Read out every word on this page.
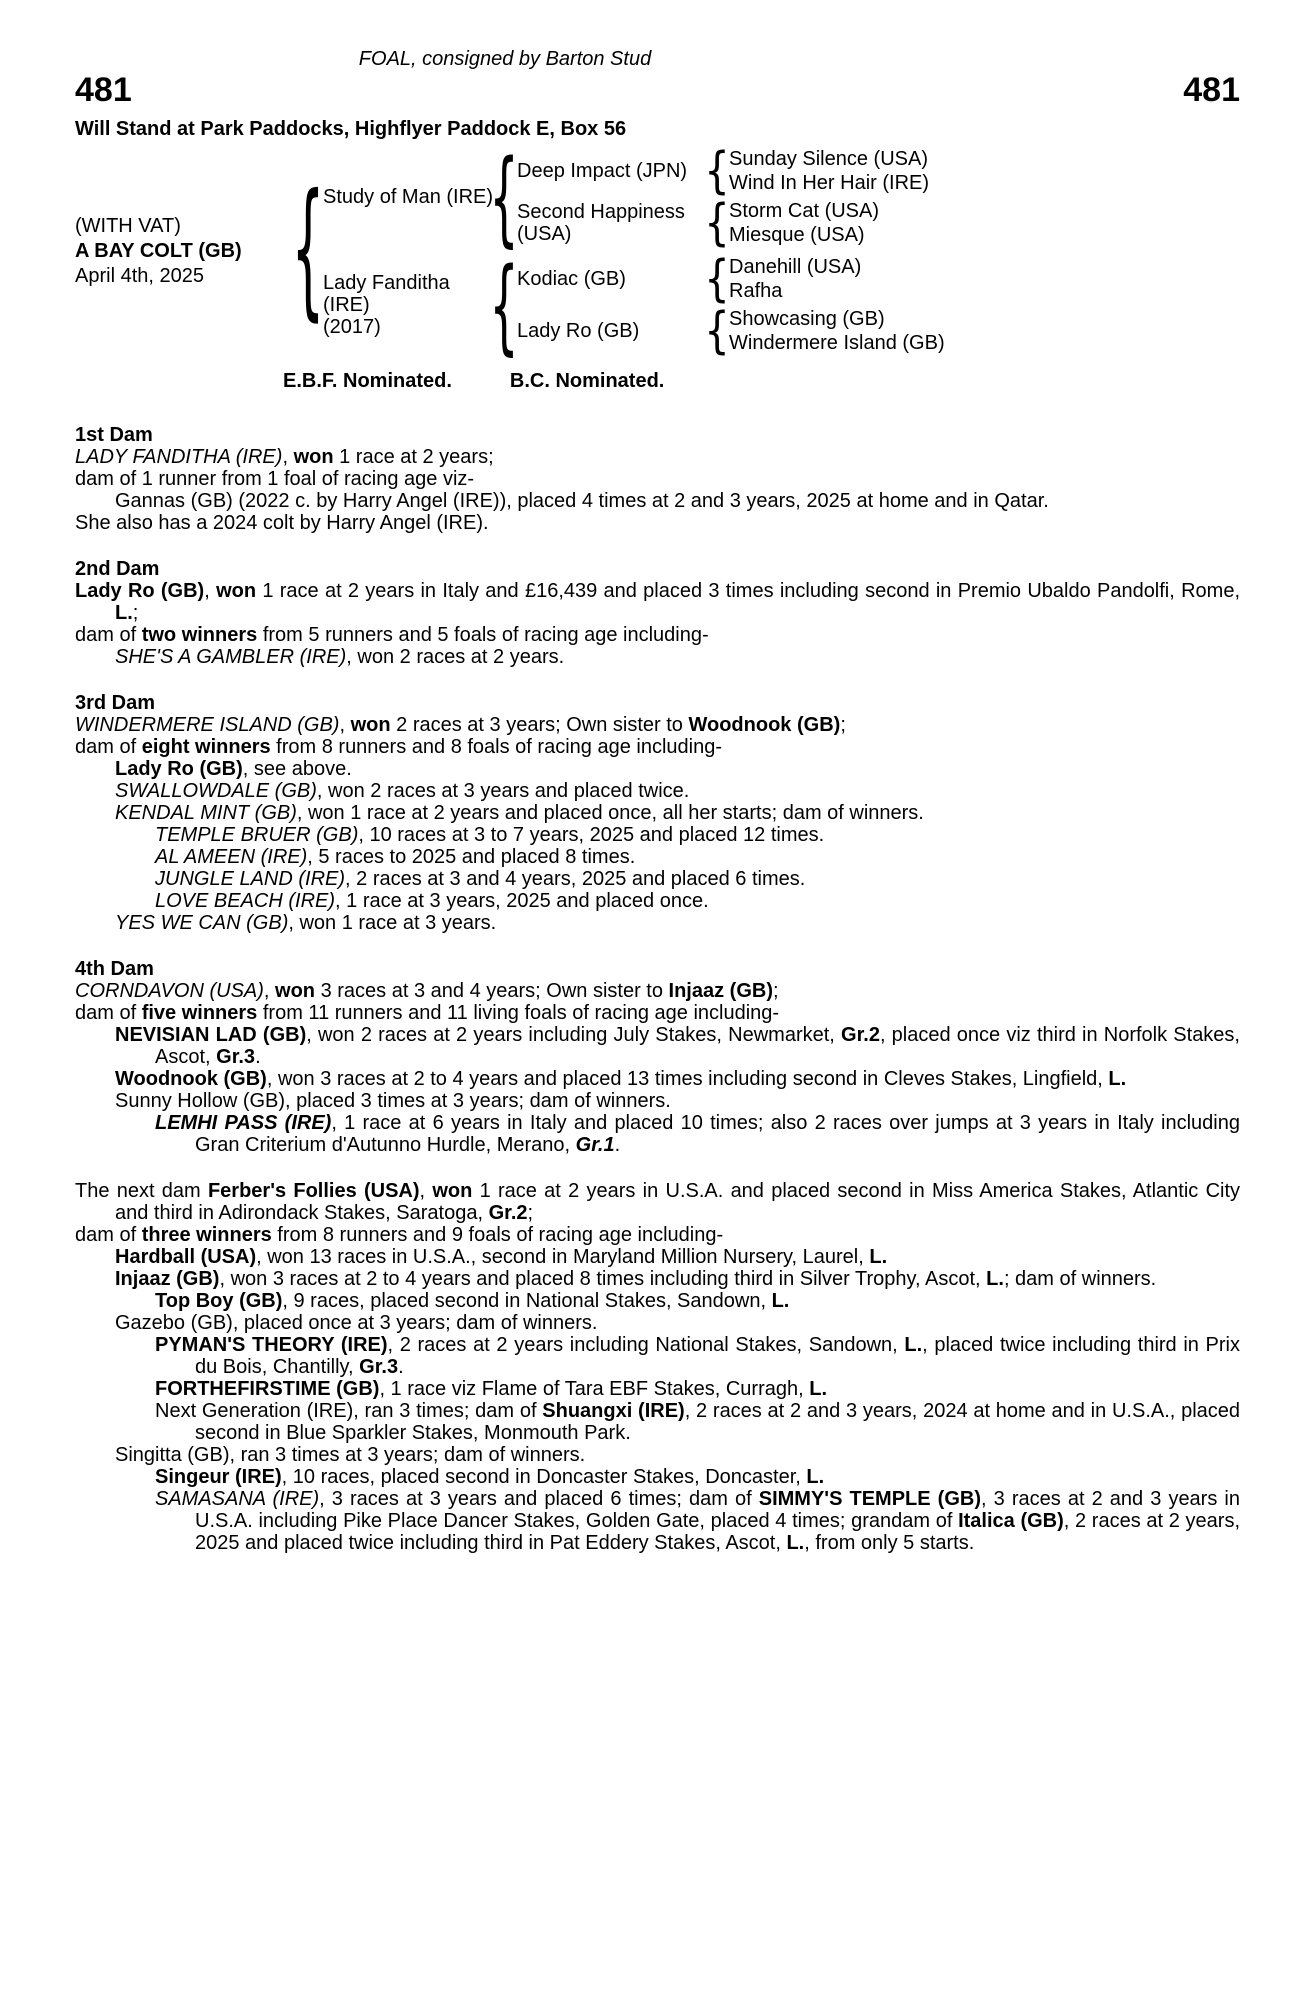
FOAL, consigned by Barton Stud
481	481
Will Stand at Park Paddocks, Highflyer Paddock E, Box 56
(WITH VAT)
A BAY COLT (GB)
April 4th, 2025
{
Study of Man (IRE)
{
Deep Impact (JPN)
{
Sunday Silence (USA)
Wind In Her Hair (IRE)
Second Happiness (USA)
{
Storm Cat (USA)
Miesque (USA)
Lady Fanditha (IRE)
(2017)
{
Kodiac (GB)
{
Danehill (USA)
Rafha
Lady Ro (GB)
{
Showcasing (GB)
Windermere Island (GB)
E.B.F. Nominated.	B.C. Nominated.
1st Dam

LADY FANDITHA (IRE), won 1 race at 2 years;

dam of 1 runner from 1 foal of racing age viz-

Gannas (GB) (2022 c. by Harry Angel (IRE)), placed 4 times at 2 and 3 years, 2025 at home and in Qatar.

She also has a 2024 colt by Harry Angel (IRE).

2nd Dam

Lady Ro (GB), won 1 race at 2 years in Italy and £16,439 and placed 3 times including second in Premio Ubaldo Pandolfi, Rome, L.;

dam of two winners from 5 runners and 5 foals of racing age including-

SHE'S A GAMBLER (IRE), won 2 races at 2 years.

3rd Dam

WINDERMERE ISLAND (GB), won 2 races at 3 years; Own sister to Woodnook (GB);

dam of eight winners from 8 runners and 8 foals of racing age including-

Lady Ro (GB), see above.

SWALLOWDALE (GB), won 2 races at 3 years and placed twice.

KENDAL MINT (GB), won 1 race at 2 years and placed once, all her starts; dam of winners.

TEMPLE BRUER (GB), 10 races at 3 to 7 years, 2025 and placed 12 times.

AL AMEEN (IRE), 5 races to 2025 and placed 8 times.

JUNGLE LAND (IRE), 2 races at 3 and 4 years, 2025 and placed 6 times.

LOVE BEACH (IRE), 1 race at 3 years, 2025 and placed once.

YES WE CAN (GB), won 1 race at 3 years.

4th Dam

CORNDAVON (USA), won 3 races at 3 and 4 years; Own sister to Injaaz (GB);

dam of five winners from 11 runners and 11 living foals of racing age including-

NEVISIAN LAD (GB), won 2 races at 2 years including July Stakes, Newmarket, Gr.2, placed once viz third in Norfolk Stakes, Ascot, Gr.3.

Woodnook (GB), won 3 races at 2 to 4 years and placed 13 times including second in Cleves Stakes, Lingfield, L.

Sunny Hollow (GB), placed 3 times at 3 years; dam of winners.

LEMHI PASS (IRE), 1 race at 6 years in Italy and placed 10 times; also 2 races over jumps at 3 years in Italy including Gran Criterium d'Autunno Hurdle, Merano, Gr.1.

The next dam Ferber's Follies (USA), won 1 race at 2 years in U.S.A. and placed second in Miss America Stakes, Atlantic City and third in Adirondack Stakes, Saratoga, Gr.2;

dam of three winners from 8 runners and 9 foals of racing age including-

Hardball (USA), won 13 races in U.S.A., second in Maryland Million Nursery, Laurel, L.

Injaaz (GB), won 3 races at 2 to 4 years and placed 8 times including third in Silver Trophy, Ascot, L.; dam of winners.

Top Boy (GB), 9 races, placed second in National Stakes, Sandown, L.

Gazebo (GB), placed once at 3 years; dam of winners.

PYMAN'S THEORY (IRE), 2 races at 2 years including National Stakes, Sandown, L., placed twice including third in Prix du Bois, Chantilly, Gr.3.

FORTHEFIRSTIME (GB), 1 race viz Flame of Tara EBF Stakes, Curragh, L.

Next Generation (IRE), ran 3 times; dam of Shuangxi (IRE), 2 races at 2 and 3 years, 2024 at home and in U.S.A., placed second in Blue Sparkler Stakes, Monmouth Park.

Singitta (GB), ran 3 times at 3 years; dam of winners.

Singeur (IRE), 10 races, placed second in Doncaster Stakes, Doncaster, L.

SAMASANA (IRE), 3 races at 3 years and placed 6 times; dam of SIMMY'S TEMPLE (GB), 3 races at 2 and 3 years in U.S.A. including Pike Place Dancer Stakes, Golden Gate, placed 4 times; grandam of Italica (GB), 2 races at 2 years, 2025 and placed twice including third in Pat Eddery Stakes, Ascot, L., from only 5 starts.
